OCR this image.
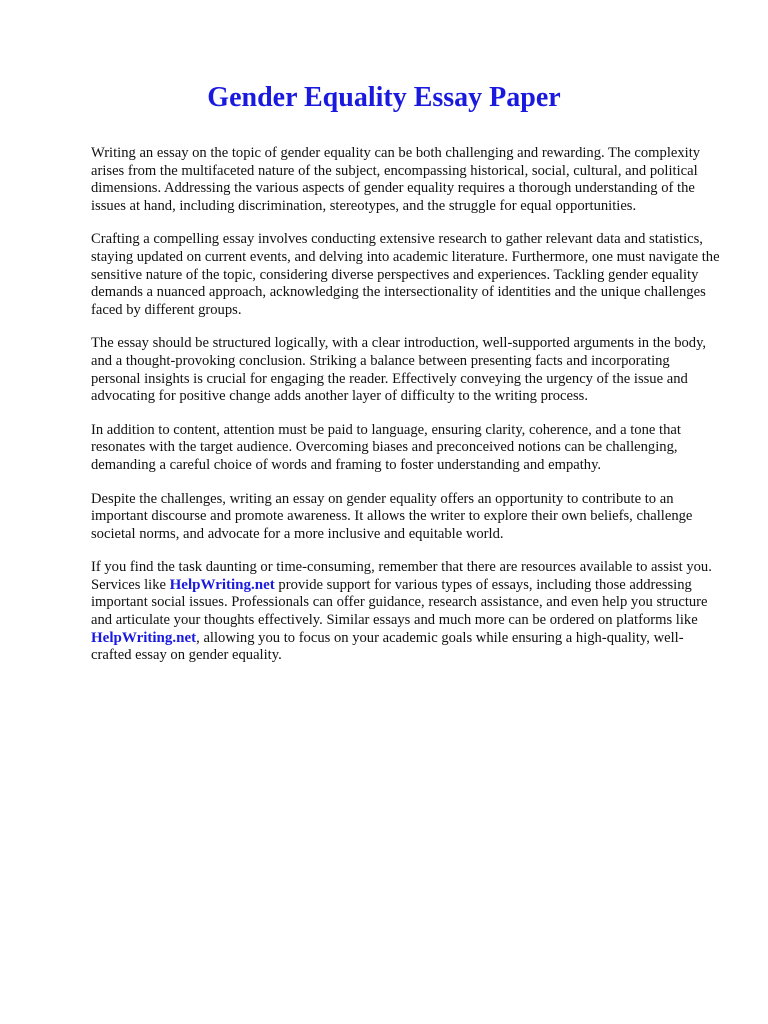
Gender Equality Essay Paper

Writing an essay on the topic of gender equality can be both challenging and rewarding. The complexity arises from the multifaceted nature of the subject, encompassing historical, social, cultural, and political dimensions. Addressing the various aspects of gender equality requires a thorough understanding of the issues at hand, including discrimination, stereotypes, and the struggle for equal opportunities.

Crafting a compelling essay involves conducting extensive research to gather relevant data and statistics, staying updated on current events, and delving into academic literature. Furthermore, one must navigate the sensitive nature of the topic, considering diverse perspectives and experiences. Tackling gender equality demands a nuanced approach, acknowledging the intersectionality of identities and the unique challenges faced by different groups.

The essay should be structured logically, with a clear introduction, well-supported arguments in the body, and a thought-provoking conclusion. Striking a balance between presenting facts and incorporating personal insights is crucial for engaging the reader. Effectively conveying the urgency of the issue and advocating for positive change adds another layer of difficulty to the writing process.

In addition to content, attention must be paid to language, ensuring clarity, coherence, and a tone that resonates with the target audience. Overcoming biases and preconceived notions can be challenging, demanding a careful choice of words and framing to foster understanding and empathy.

Despite the challenges, writing an essay on gender equality offers an opportunity to contribute to an important discourse and promote awareness. It allows the writer to explore their own beliefs, challenge societal norms, and advocate for a more inclusive and equitable world.

If you find the task daunting or time-consuming, remember that there are resources available to assist you. Services like HelpWriting.net provide support for various types of essays, including those addressing important social issues. Professionals can offer guidance, research assistance, and even help you structure and articulate your thoughts effectively. Similar essays and much more can be ordered on platforms like HelpWriting.net, allowing you to focus on your academic goals while ensuring a high-quality, well-crafted essay on gender equality.
